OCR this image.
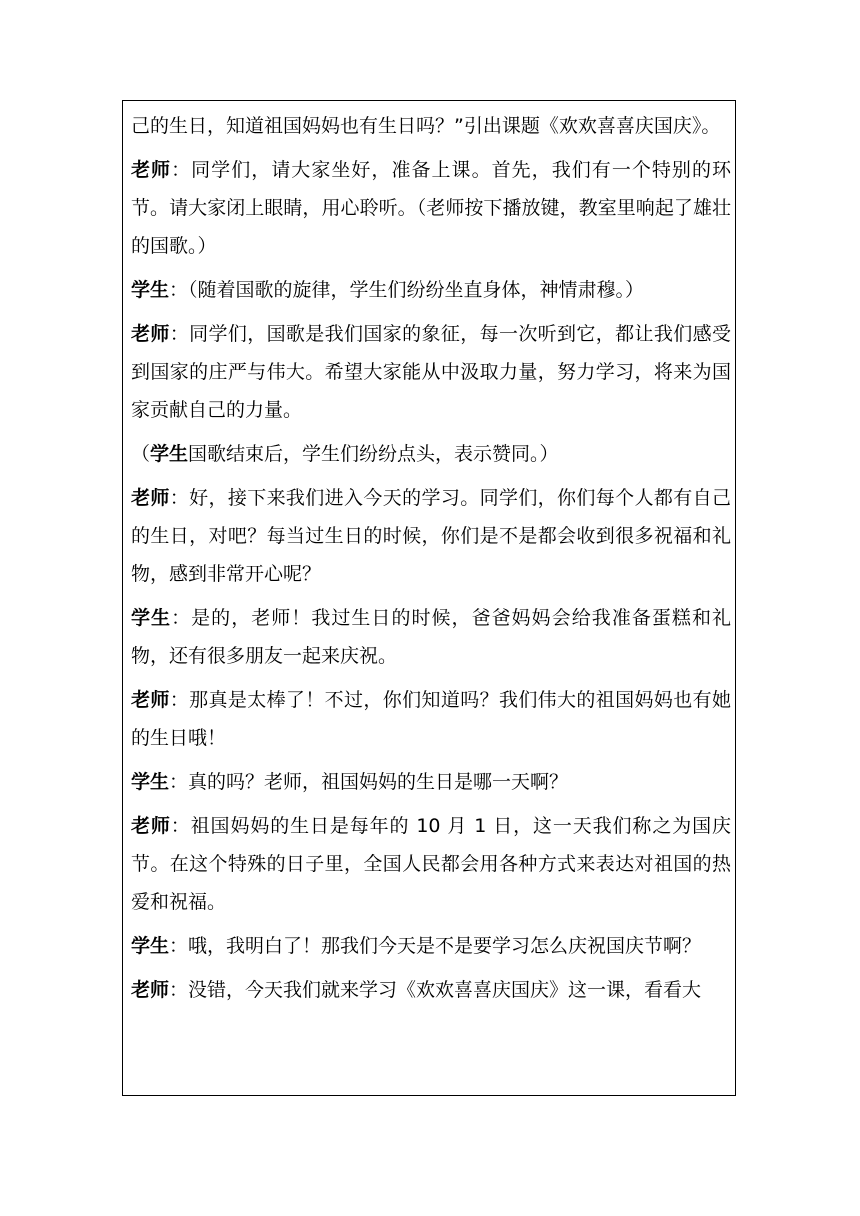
己的生日，知道祖国妈妈也有生日吗？”引出课题《欢欢喜喜庆国庆》。

老师：同学们，请大家坐好，准备上课。首先，我们有一个特别的环节。请大家闭上眼睛，用心聆听。（老师按下播放键，教室里响起了雄壮的国歌。）

学生：（随着国歌的旋律，学生们纷纷坐直身体，神情肃穆。）

老师：同学们，国歌是我们国家的象征，每一次听到它，都让我们感受到国家的庄严与伟大。希望大家能从中汲取力量，努力学习，将来为国家贡献自己的力量。

（学生国歌结束后，学生们纷纷点头，表示赞同。）

老师：好，接下来我们进入今天的学习。同学们，你们每个人都有自己的生日，对吧？每当过生日的时候，你们是不是都会收到很多祝福和礼物，感到非常开心呢？

学生：是的，老师！我过生日的时候，爸爸妈妈会给我准备蛋糕和礼物，还有很多朋友一起来庆祝。

老师：那真是太棒了！不过，你们知道吗？我们伟大的祖国妈妈也有她的生日哦！

学生：真的吗？老师，祖国妈妈的生日是哪一天啊？

老师：祖国妈妈的生日是每年的 10 月 1 日，这一天我们称之为国庆节。在这个特殊的日子里，全国人民都会用各种方式来表达对祖国的热爱和祝福。

学生：哦，我明白了！那我们今天是不是要学习怎么庆祝国庆节啊？

老师：没错，今天我们就来学习《欢欢喜喜庆国庆》这一课，看看大
